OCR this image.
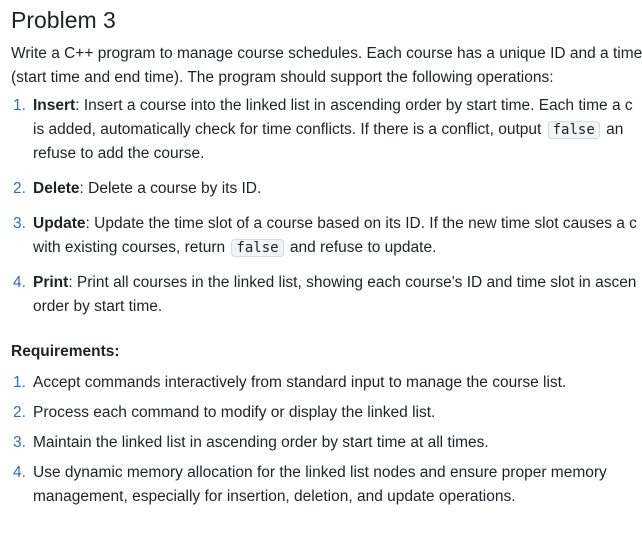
Problem 3

Write a C++ program to manage course schedules. Each course has a unique ID and a time
(start time and end time). The program should support the following operations:

1. Insert: Insert a course into the linked list in ascending order by start time. Each time a c
is added, automatically check for time conflicts. If there is a conflict, output false an
refuse to add the course.
2. Delete: Delete a course by its ID.
3. Update: Update the time slot of a course based on its ID. If the new time slot causes a c
with existing courses, return false and refuse to update.
4. Print: Print all courses in the linked list, showing each course's ID and time slot in ascen
order by start time.
Requirements:
1. Accept commands interactively from standard input to manage the course list.
2. Process each command to modify or display the linked list.
3. Maintain the linked list in ascending order by start time at all times.
4. Use dynamic memory allocation for the linked list nodes and ensure proper memory
management, especially for insertion, deletion, and update operations.
